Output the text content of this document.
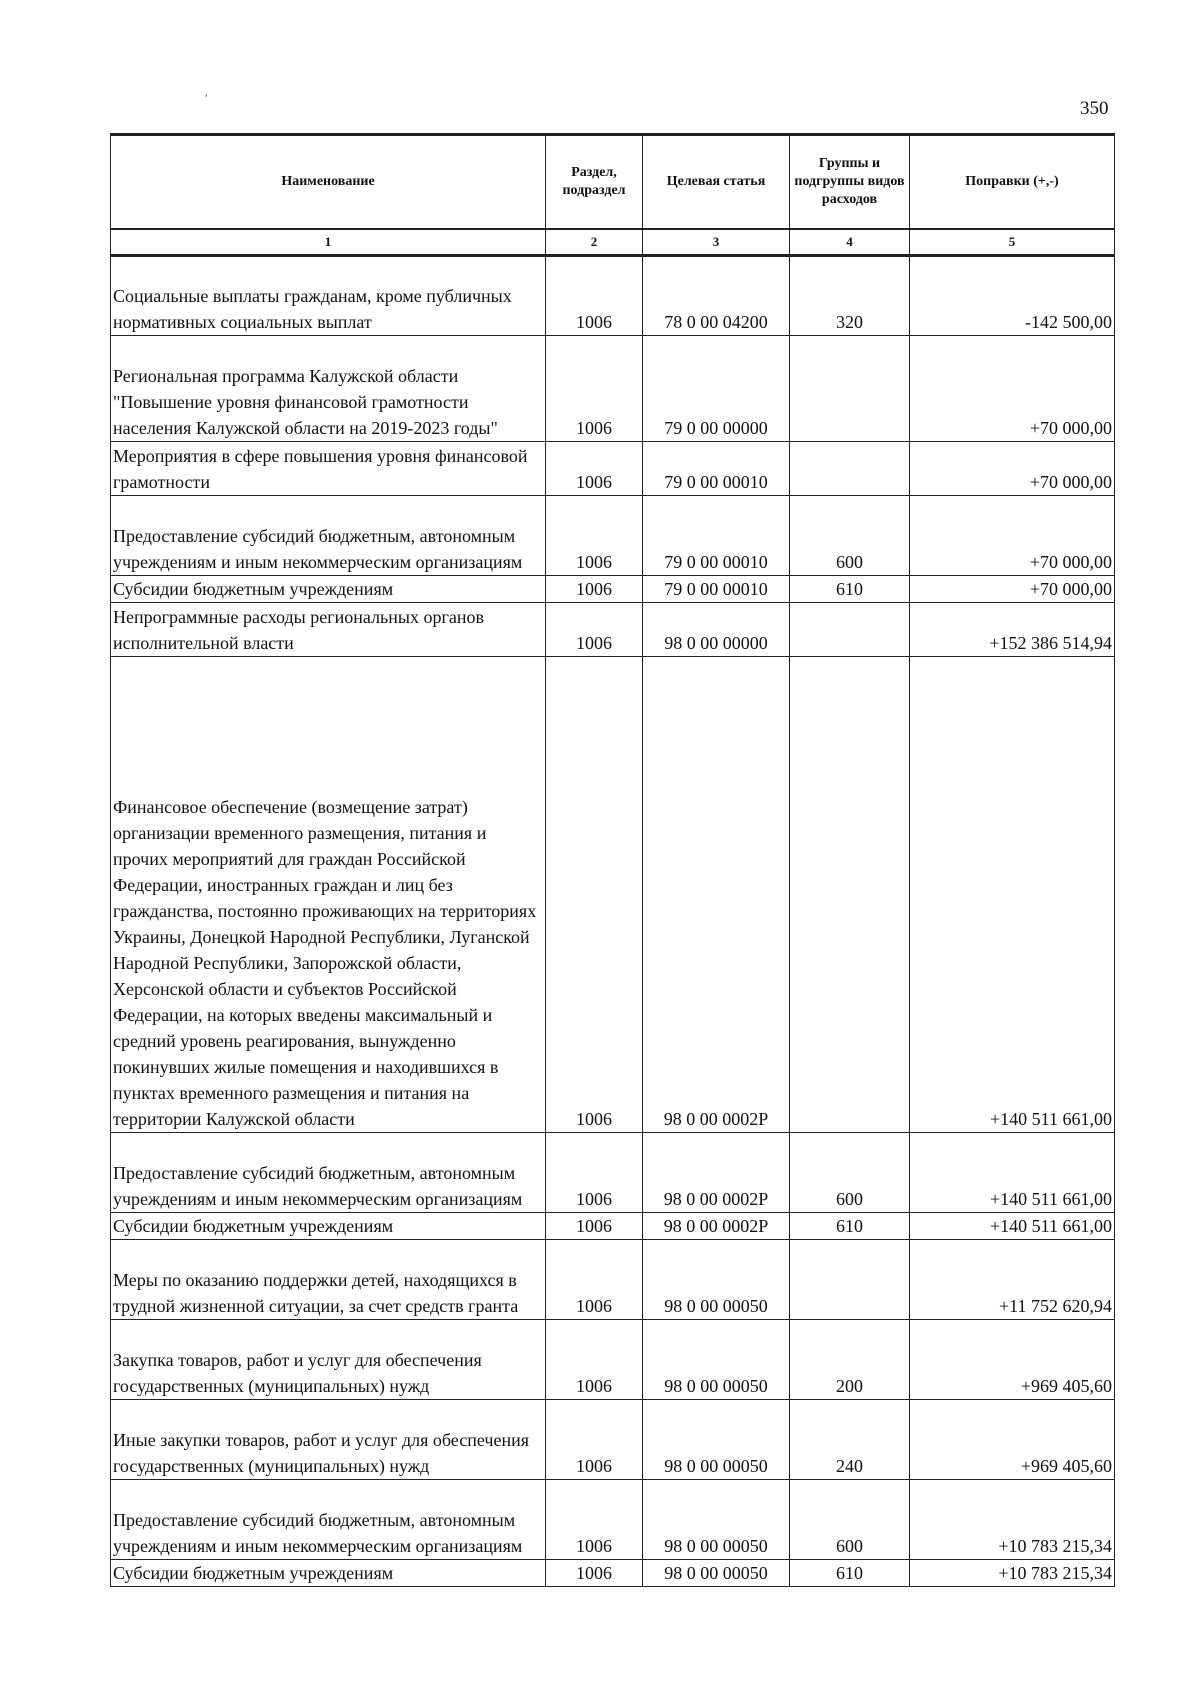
350
′
Наименование	Раздел, подраздел	Целевая статья	Группы и подгруппы видов расходов	Поправки (+,-)
1	2	3	4	5
Социальные выплаты гражданам, кроме публичных нормативных социальных выплат	1006	78 0 00 04200	320	-142 500,00
Региональная программа Калужской области "Повышение уровня финансовой грамотности населения Калужской области на 2019-2023 годы"	1006	79 0 00 00000		+70 000,00
Мероприятия в сфере повышения уровня финансовой грамотности	1006	79 0 00 00010		+70 000,00
Предоставление субсидий бюджетным, автономным учреждениям и иным некоммерческим организациям	1006	79 0 00 00010	600	+70 000,00
Субсидии бюджетным учреждениям	1006	79 0 00 00010	610	+70 000,00
Непрограммные расходы региональных органов исполнительной власти	1006	98 0 00 00000		+152 386 514,94
Финансовое обеспечение (возмещение затрат) организации временного размещения, питания и прочих мероприятий для граждан Российской Федерации, иностранных граждан и лиц без гражданства, постоянно проживающих на территориях Украины, Донецкой Народной Республики, Луганской Народной Республики, Запорожской области, Херсонской области и субъектов Российской Федерации, на которых введены максимальный и средний уровень реагирования, вынужденно покинувших жилые помещения и находившихся в пунктах временного размещения и питания на территории Калужской области	1006	98 0 00 0002Р		+140 511 661,00
Предоставление субсидий бюджетным, автономным учреждениям и иным некоммерческим организациям	1006	98 0 00 0002Р	600	+140 511 661,00
Субсидии бюджетным учреждениям	1006	98 0 00 0002Р	610	+140 511 661,00
Меры по оказанию поддержки детей, находящихся в трудной жизненной ситуации, за счет средств гранта	1006	98 0 00 00050		+11 752 620,94
Закупка товаров, работ и услуг для обеспечения государственных (муниципальных) нужд	1006	98 0 00 00050	200	+969 405,60
Иные закупки товаров, работ и услуг для обеспечения государственных (муниципальных) нужд	1006	98 0 00 00050	240	+969 405,60
Предоставление субсидий бюджетным, автономным учреждениям и иным некоммерческим организациям	1006	98 0 00 00050	600	+10 783 215,34
Субсидии бюджетным учреждениям	1006	98 0 00 00050	610	+10 783 215,34
